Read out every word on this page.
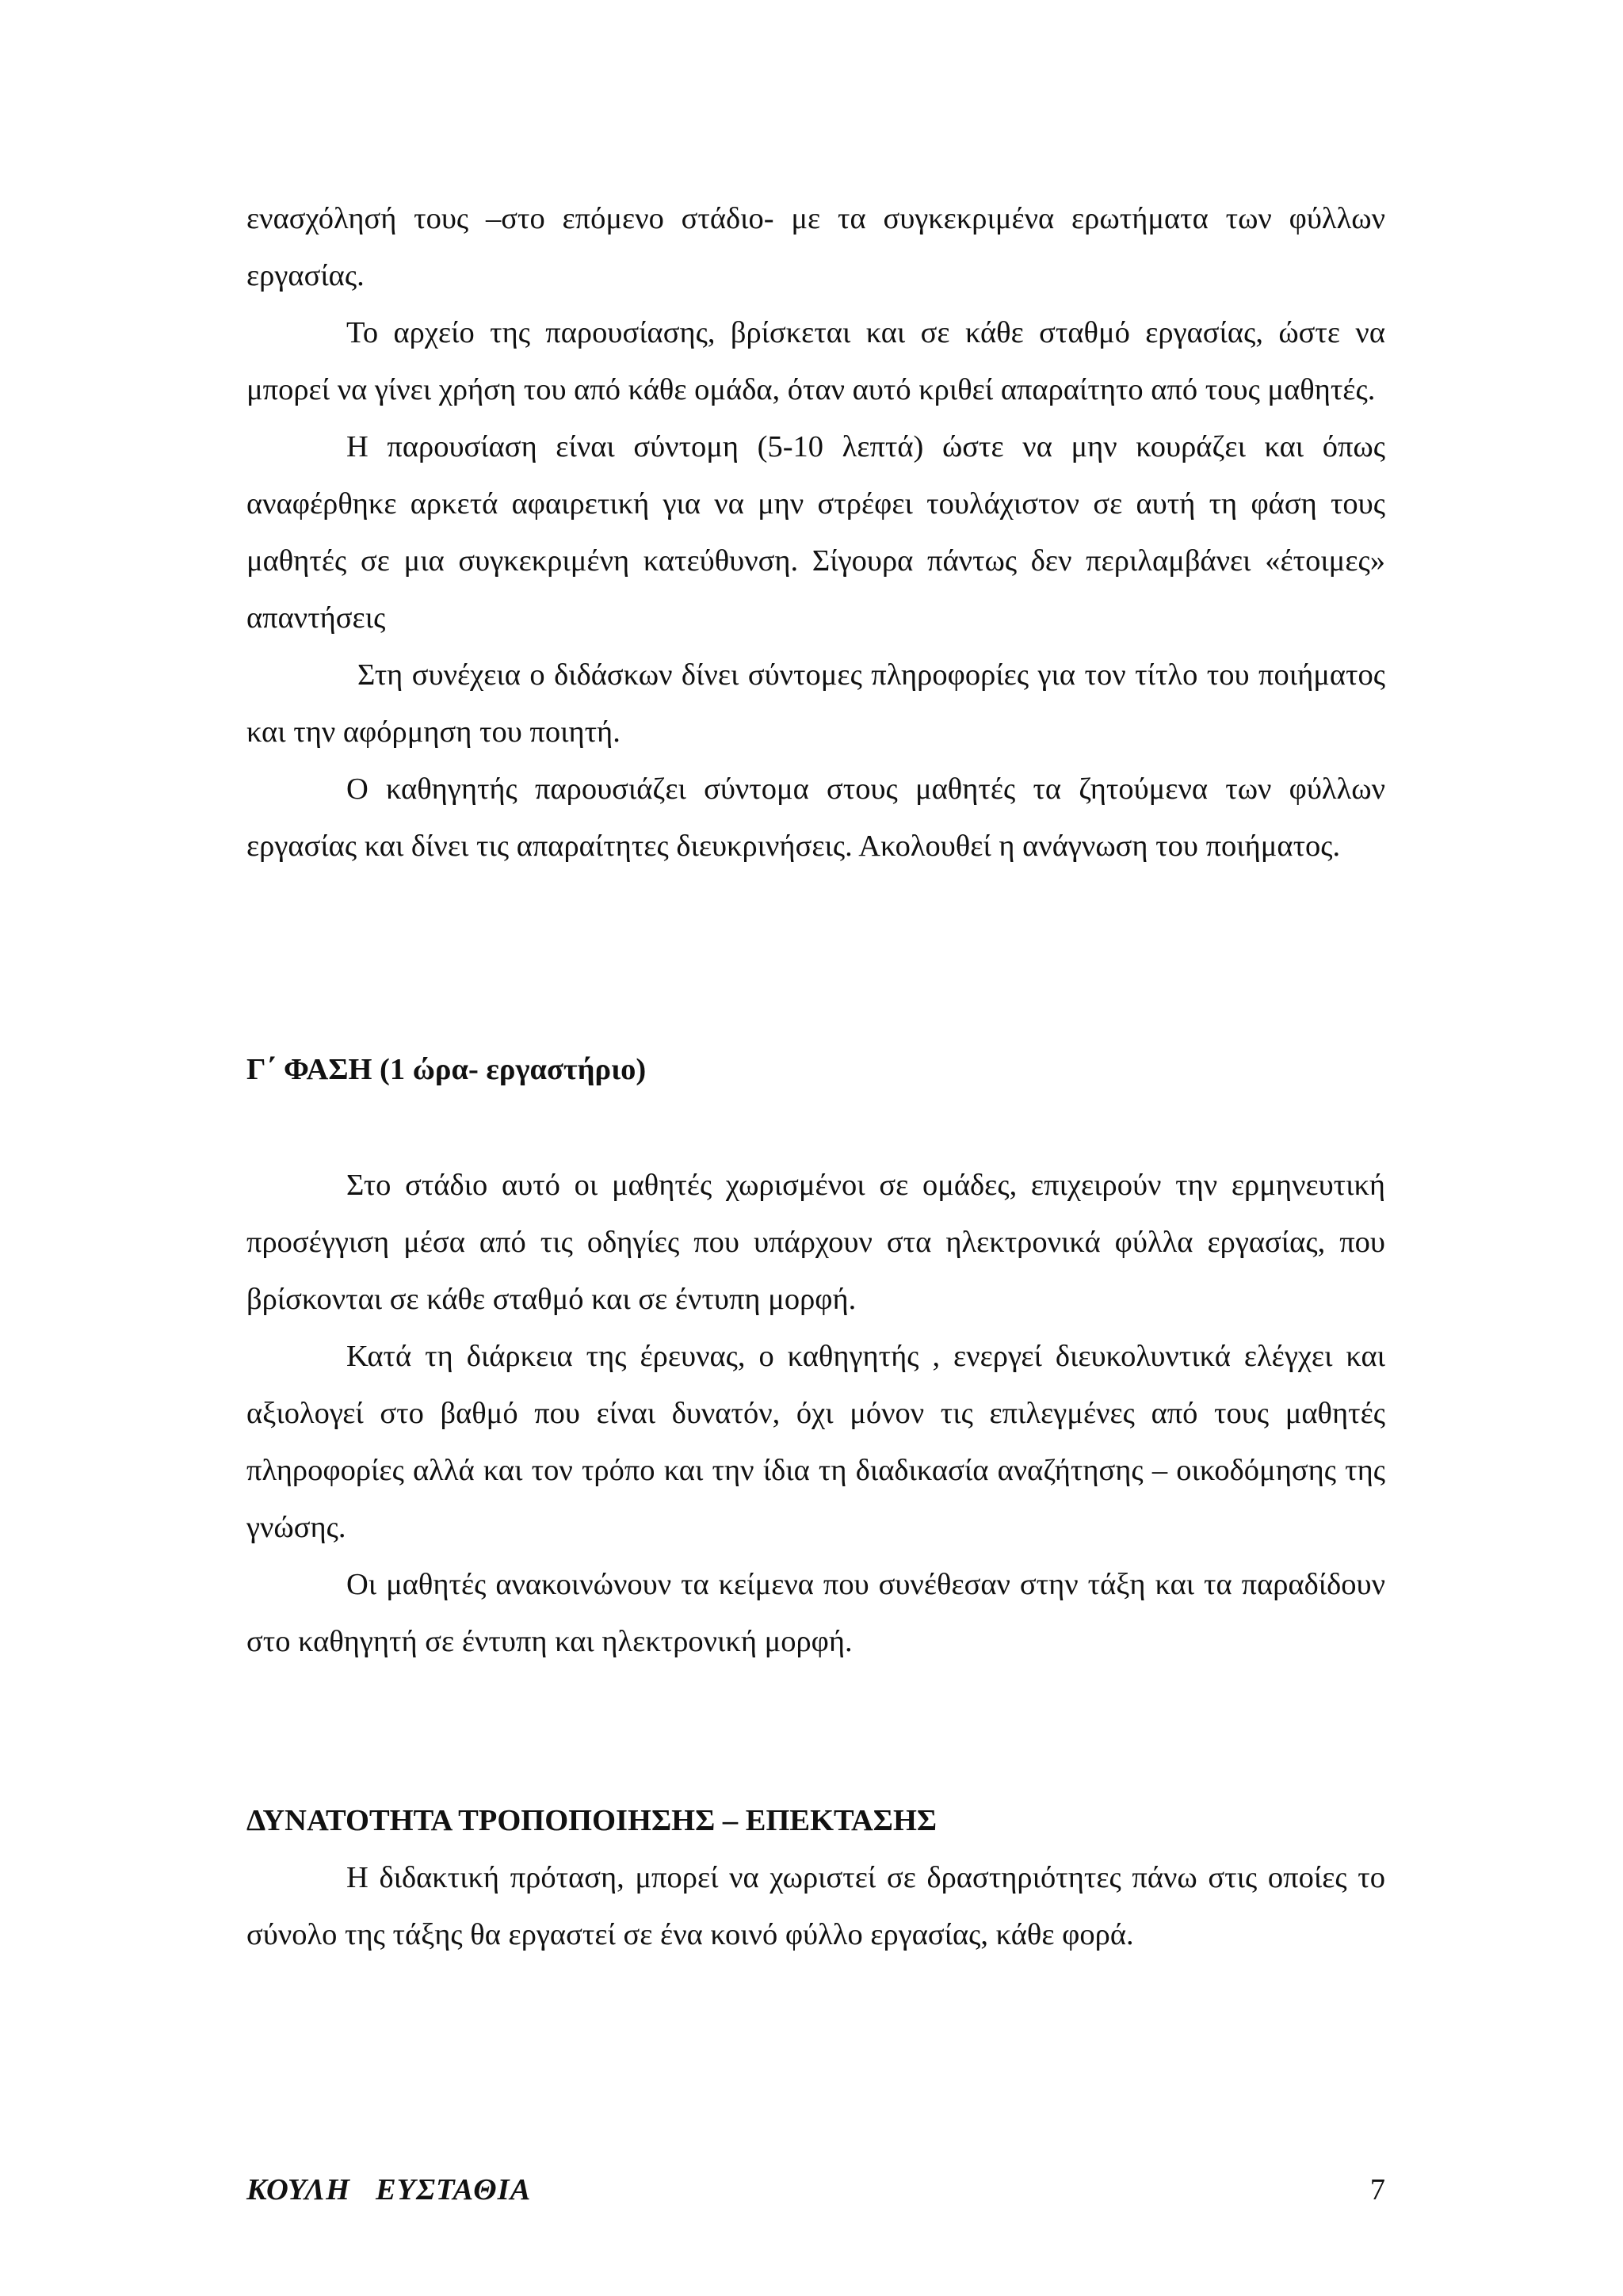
ενασχόλησή τους –στο επόμενο στάδιο- με τα συγκεκριμένα ερωτήματα των φύλλων εργασίας.

Το αρχείο της παρουσίασης, βρίσκεται και σε κάθε σταθμό εργασίας, ώστε να μπορεί να γίνει χρήση του από κάθε ομάδα, όταν αυτό κριθεί απαραίτητο από τους μαθητές.

Η παρουσίαση είναι σύντομη (5-10 λεπτά) ώστε να μην κουράζει και όπως αναφέρθηκε αρκετά αφαιρετική για να μην στρέφει τουλάχιστον σε αυτή τη φάση τους μαθητές σε μια συγκεκριμένη κατεύθυνση. Σίγουρα πάντως δεν περιλαμβάνει «έτοιμες» απαντήσεις

Στη συνέχεια ο διδάσκων δίνει σύντομες πληροφορίες για τον τίτλο του ποιήματος και την αφόρμηση του ποιητή.

Ο καθηγητής παρουσιάζει σύντομα στους μαθητές τα ζητούμενα των φύλλων εργασίας και δίνει τις απαραίτητες διευκρινήσεις. Ακολουθεί η ανάγνωση του ποιήματος.

Γ΄ ΦΑΣΗ (1 ώρα- εργαστήριο)

Στο στάδιο αυτό οι μαθητές χωρισμένοι σε ομάδες, επιχειρούν την ερμηνευτική προσέγγιση μέσα από τις οδηγίες που υπάρχουν στα ηλεκτρονικά φύλλα εργασίας, που βρίσκονται σε κάθε σταθμό και σε έντυπη μορφή.

Κατά τη διάρκεια της έρευνας, ο καθηγητής , ενεργεί διευκολυντικά ελέγχει και αξιολογεί στο βαθμό που είναι δυνατόν, όχι μόνον τις επιλεγμένες από τους μαθητές πληροφορίες αλλά και τον τρόπο και την ίδια τη διαδικασία αναζήτησης – οικοδόμησης της γνώσης.

Οι μαθητές ανακοινώνουν τα κείμενα που συνέθεσαν στην τάξη και τα παραδίδουν στο καθηγητή σε έντυπη και ηλεκτρονική μορφή.

ΔΥΝΑΤΟΤΗΤΑ ΤΡΟΠΟΠΟΙΗΣΗΣ – ΕΠΕΚΤΑΣΗΣ

Η διδακτική πρόταση, μπορεί να χωριστεί σε δραστηριότητες πάνω στις οποίες το σύνολο της τάξης θα εργαστεί σε ένα κοινό φύλλο εργασίας, κάθε φορά.

ΚΟΥΛΗ   ΕΥΣΤΑΘΙΑ	7
